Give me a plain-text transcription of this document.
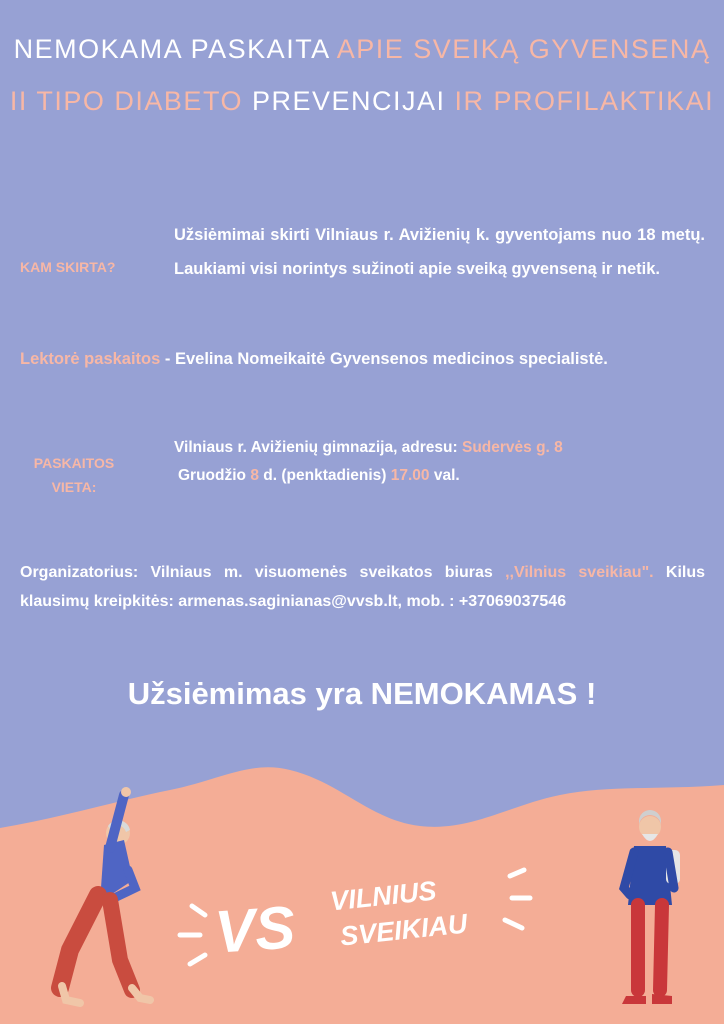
NEMOKAMA PASKAITA APIE SVEIKĄ GYVENSENĄ
II TIPO DIABETO PREVENCIJAI IR PROFILAKTIKAI
KAM SKIRTA?
Užsiėmimai skirti Vilniaus r. Avižienių k. gyventojams nuo 18 metų. Laukiami visi norintys sužinoti apie sveiką gyvenseną ir netik.
Lektorė paskaitos - Evelina Nomeikaitė Gyvensenos medicinos specialistė.
PASKAITOS
VIETA:
Vilniaus r. Avižienių gimnazija, adresu: Sudervės g. 8
Gruodžio 8 d. (penktadienis) 17.00 val.
Organizatorius: Vilniaus m. visuomenės sveikatos biuras ,,Vilnius sveikiau". Kilus klausimų kreipkitės: armenas.saginianas@vvsb.lt, mob. : +37069037546
Užsiėmimas yra NEMOKAMAS !
VS VILNIUS
SVEIKIAU
